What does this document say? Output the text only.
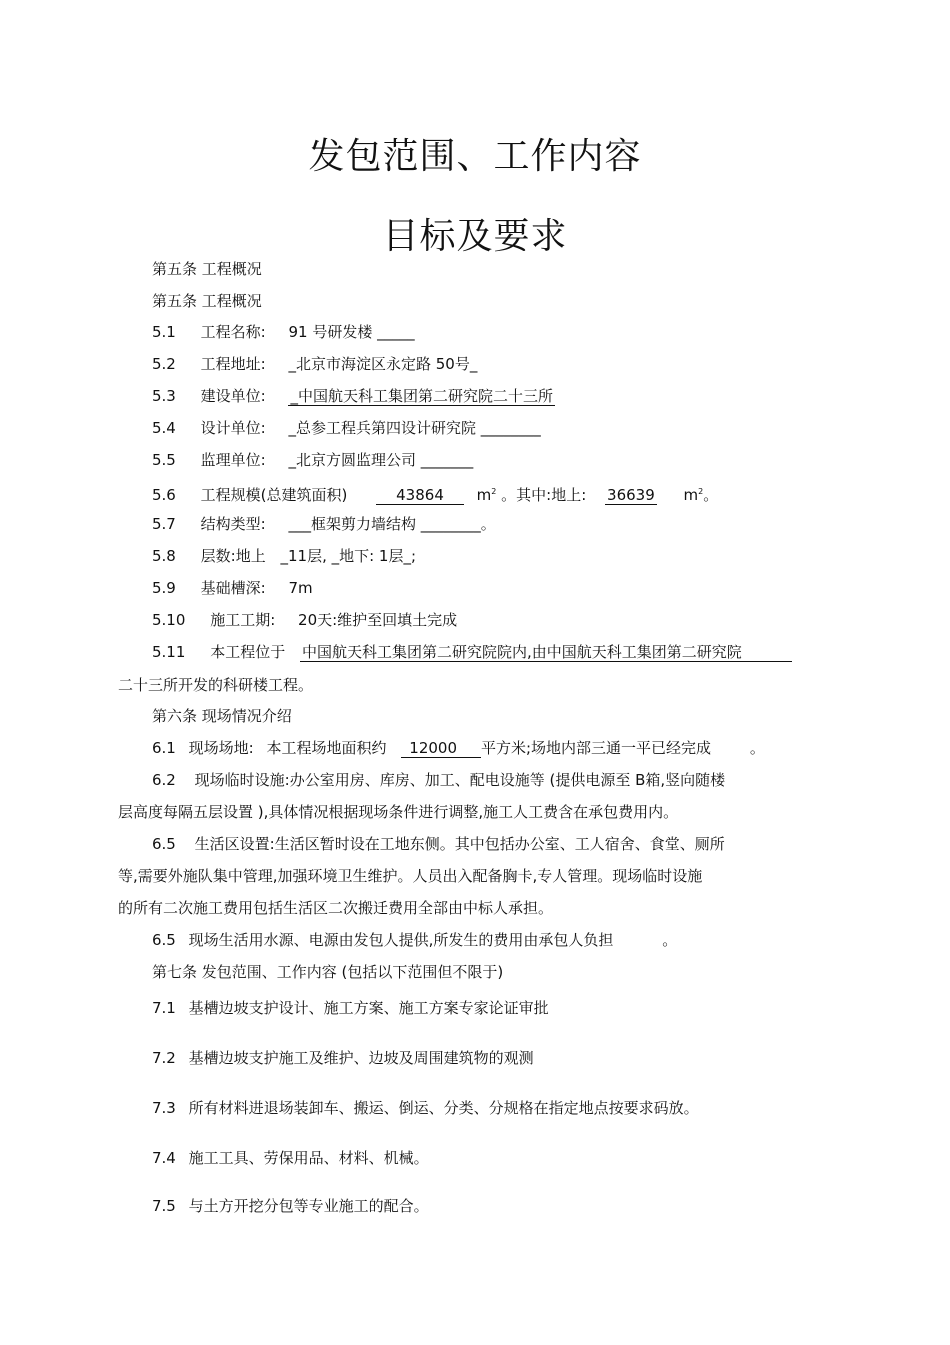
发包范围、工作内容
目标及要求
第五条 工程概况
第五条 工程概况
5.1 工程名称: 91 号研发楼 _____
5.2 工程地址: _北京市海淀区永定路 50号_
5.3 建设单位: _中国航天科工集团第二研究院二十三所
5.4 设计单位: _总参工程兵第四设计研究院 ________
5.5 监理单位: _北京方圆监理公司 _______
5.6 工程规模(总建筑面积)	43864 $m^2$ 。其中:地上: 36639 $m^2$。
5.7 结构类型: ___框架剪力墙结构 ________。
5.8 层数:地上 _11层, _地下: 1层_;
5.9 基础槽深: 7m
5.10 施工工期: 20天:维护至回填土完成
5.11 本工程位于 中国航天科工集团第二研究院院内,由中国航天科工集团第二研究院
二十三所开发的科研楼工程。
第六条 现场情况介绍
6.1 现场场地: 本工程场地面积约 12000 平方米;场地内部三通一平已经完成	。
6.2 现场临时设施:办公室用房、库房、加工、配电设施等 (提供电源至 B箱,竖向随楼
层高度每隔五层设置 ),具体情况根据现场条件进行调整,施工人工费含在承包费用内。
6.5 生活区设置:生活区暂时设在工地东侧。其中包括办公室、工人宿舍、食堂、厕所
等,需要外施队集中管理,加强环境卫生维护。人员出入配备胸卡,专人管理。现场临时设施
的所有二次施工费用包括生活区二次搬迁费用全部由中标人承担。
6.5 现场生活用水源、电源由发包人提供,所发生的费用由承包人负担	。
第七条 发包范围、工作内容 (包括以下范围但不限于)
7.1 基槽边坡支护设计、施工方案、施工方案专家论证审批
7.2 基槽边坡支护施工及维护、边坡及周围建筑物的观测
7.3 所有材料进退场装卸车、搬运、倒运、分类、分规格在指定地点按要求码放。
7.4 施工工具、劳保用品、材料、机械。
7.5 与土方开挖分包等专业施工的配合。
